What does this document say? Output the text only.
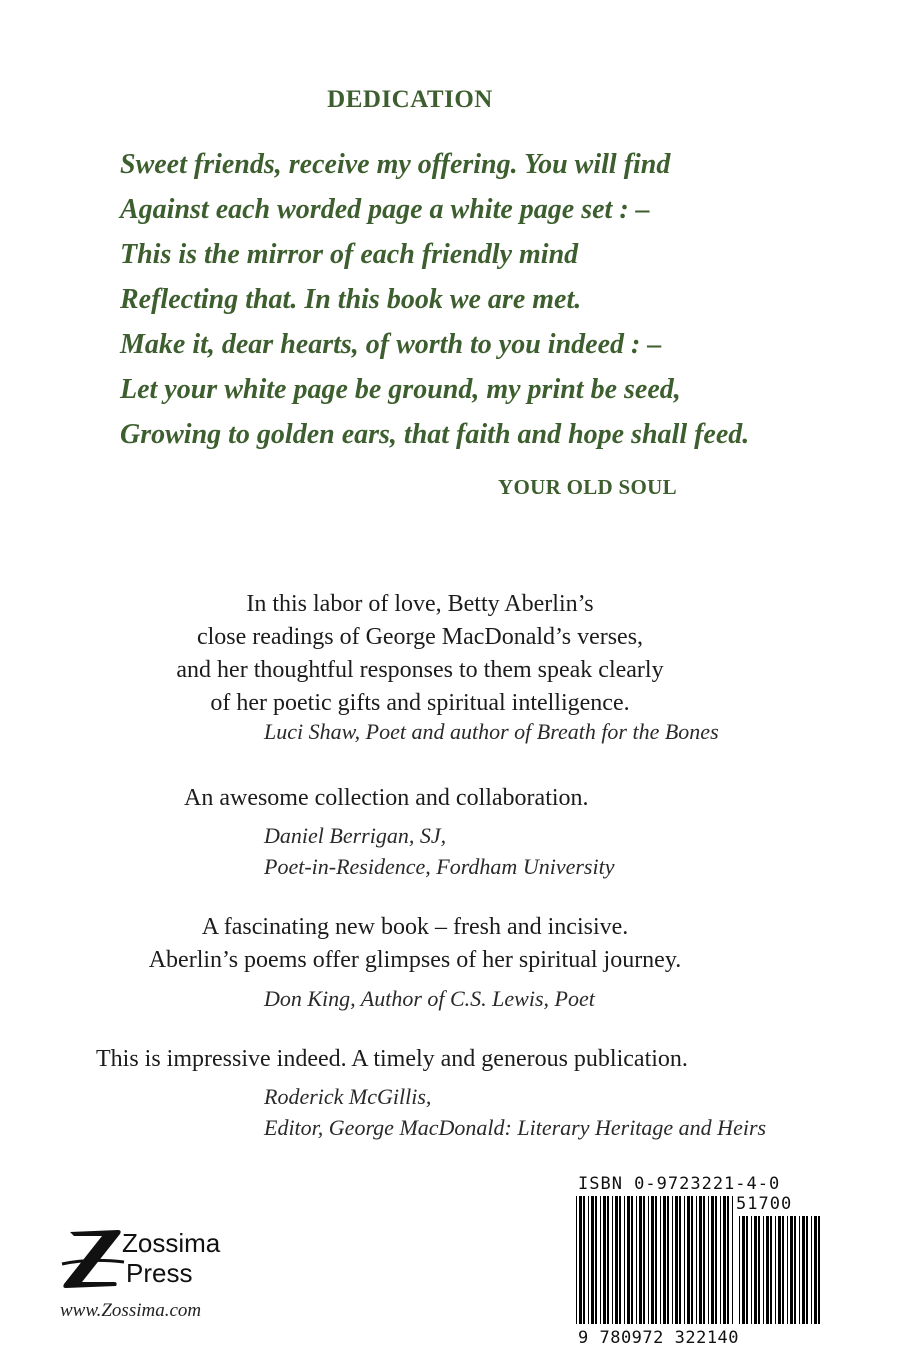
DEDICATION
Sweet friends, receive my offering. You will find
Against each worded page a white page set : –
This is the mirror of each friendly mind
Reflecting that. In this book we are met.
Make it, dear hearts, of worth to you indeed : –
Let your white page be ground, my print be seed,
Growing to golden ears, that faith and hope shall feed.
YOUR OLD SOUL
In this labor of love, Betty Aberlin’s
close readings of George MacDonald’s verses,
and her thoughtful responses to them speak clearly
of her poetic gifts and spiritual intelligence.
Luci Shaw, Poet and author of Breath for the Bones
An awesome collection and collaboration.
Daniel Berrigan, SJ,
Poet-in-Residence, Fordham University
A fascinating new book – fresh and incisive.
Aberlin’s poems offer glimpses of her spiritual journey.
Don King, Author of C.S. Lewis, Poet
This is impressive indeed. A timely and generous publication.
Roderick McGillis,
Editor, George MacDonald: Literary Heritage and Heirs
Zossima
Press
www.Zossima.com
ISBN 0-9723221-4-0
51700
9 780972 322140
